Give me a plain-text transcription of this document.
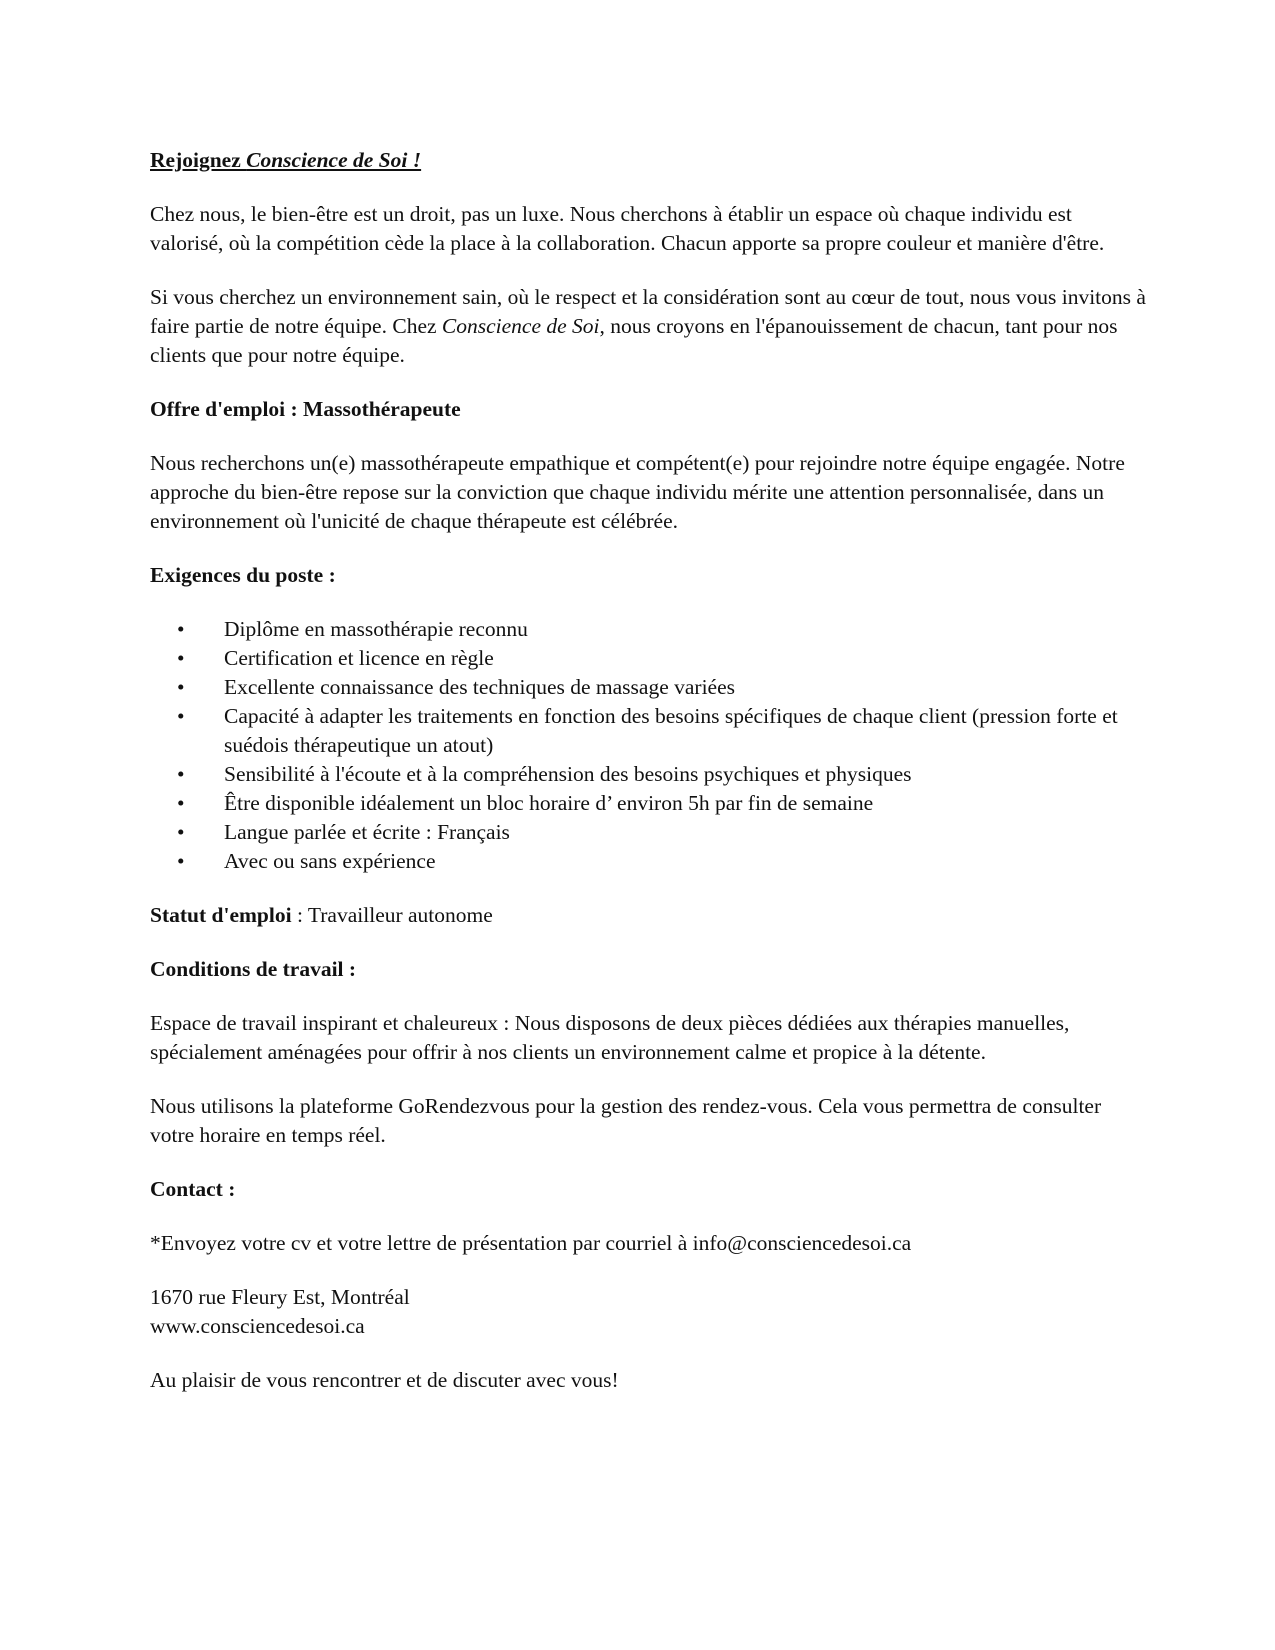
Rejoignez Conscience de Soi !

Chez nous, le bien-être est un droit, pas un luxe. Nous cherchons à établir un espace où chaque individu est valorisé, où la compétition cède la place à la collaboration. Chacun apporte sa propre couleur et manière d'être.

Si vous cherchez un environnement sain, où le respect et la considération sont au cœur de tout, nous vous invitons à faire partie de notre équipe. Chez Conscience de Soi, nous croyons en l'épanouissement de chacun, tant pour nos clients que pour notre équipe.

Offre d'emploi : Massothérapeute

Nous recherchons un(e) massothérapeute empathique et compétent(e) pour rejoindre notre équipe engagée. Notre approche du bien-être repose sur la conviction que chaque individu mérite une attention personnalisée, dans un environnement où l'unicité de chaque thérapeute est célébrée.

Exigences du poste :

• Diplôme en massothérapie reconnu
• Certification et licence en règle
• Excellente connaissance des techniques de massage variées
• Capacité à adapter les traitements en fonction des besoins spécifiques de chaque client (pression forte et suédois thérapeutique un atout)
• Sensibilité à l'écoute et à la compréhension des besoins psychiques et physiques
• Être disponible idéalement un bloc horaire d’ environ 5h par fin de semaine
• Langue parlée et écrite : Français
• Avec ou sans expérience

Statut d'emploi : Travailleur autonome

Conditions de travail :

Espace de travail inspirant et chaleureux : Nous disposons de deux pièces dédiées aux thérapies manuelles, spécialement aménagées pour offrir à nos clients un environnement calme et propice à la détente.

Nous utilisons la plateforme GoRendezvous pour la gestion des rendez-vous. Cela vous permettra de consulter votre horaire en temps réel.

Contact :

*Envoyez votre cv et votre lettre de présentation par courriel à info@consciencedesoi.ca

1670 rue Fleury Est, Montréal

www.consciencedesoi.ca

Au plaisir de vous rencontrer et de discuter avec vous!
